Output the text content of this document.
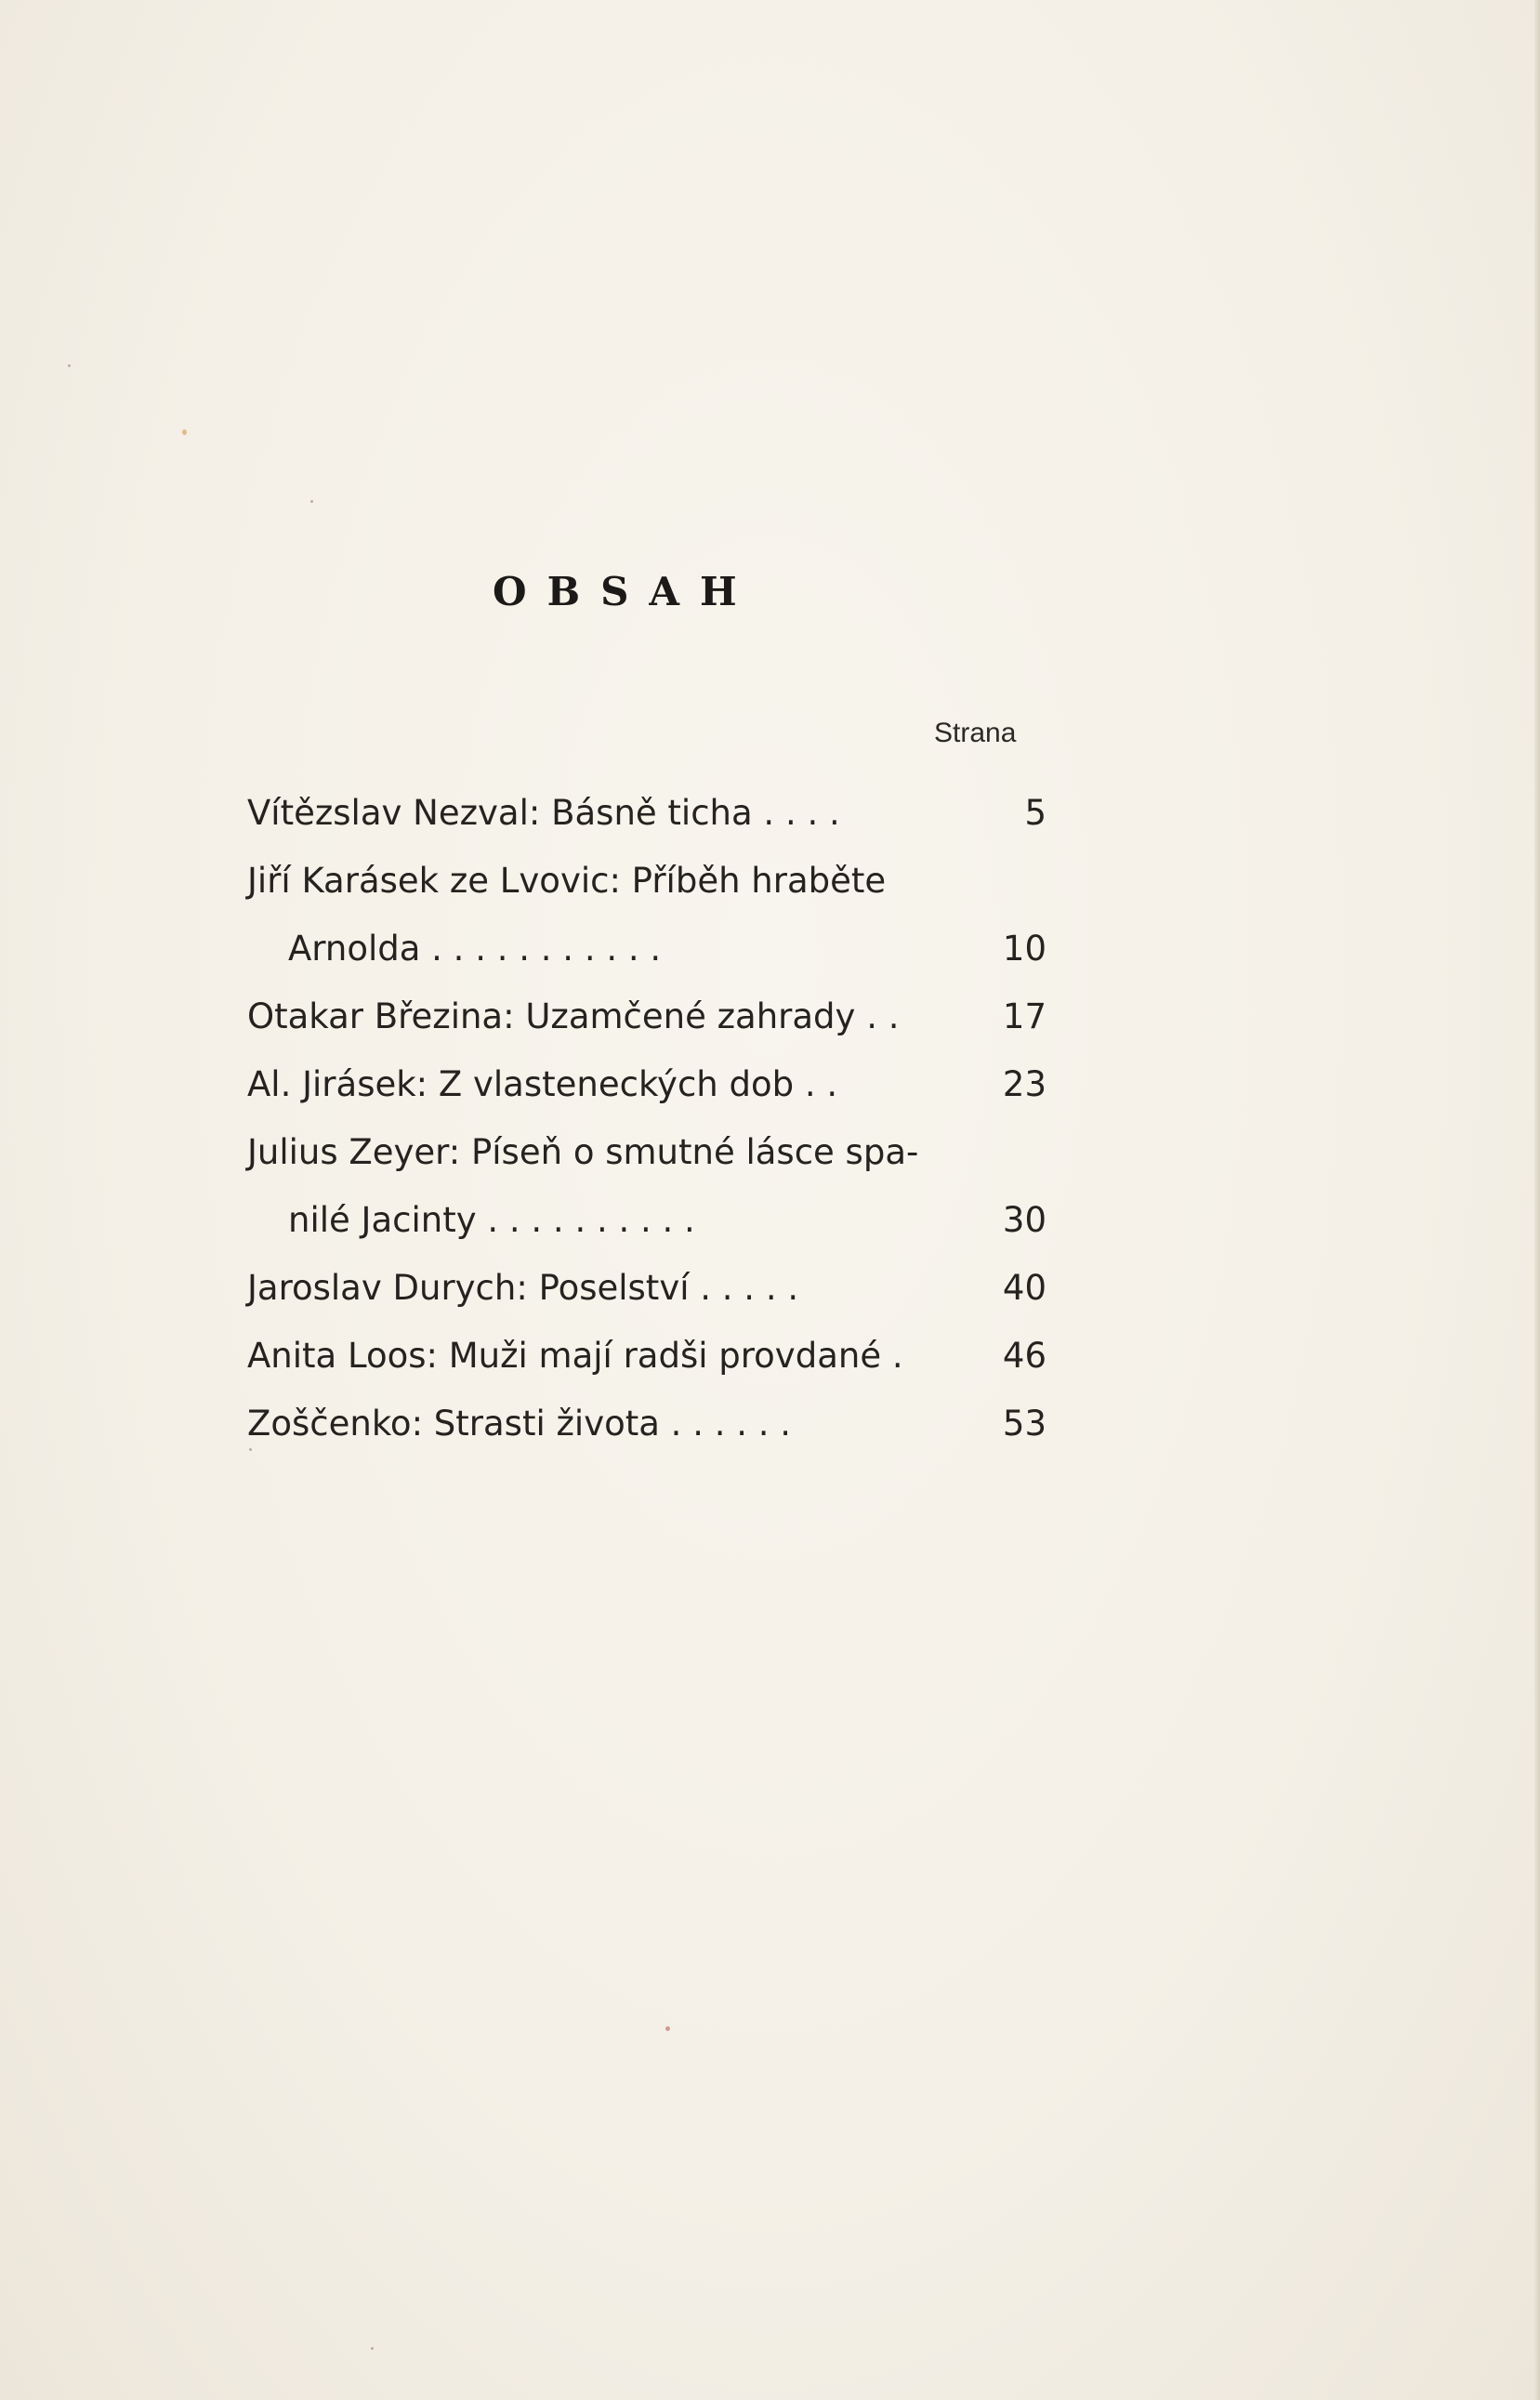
OBSAH
Strana
Vítězslav Nezval: Básně ticha . . . .	5
Jiří Karásek ze Lvovic: Příběh hraběte
Arnolda . . . . . . . . . . .	10
Otakar Březina: Uzamčené zahrady . .	17
Al. Jirásek: Z vlasteneckých dob . .	23
Julius Zeyer: Píseň o smutné lásce spa-
nilé Jacinty . . . . . . . . . .	30
Jaroslav Durych: Poselství . . . . .	40
Anita Loos: Muži mají radši provdané .	46
Zoščenko: Strasti života . . . . . .	53
